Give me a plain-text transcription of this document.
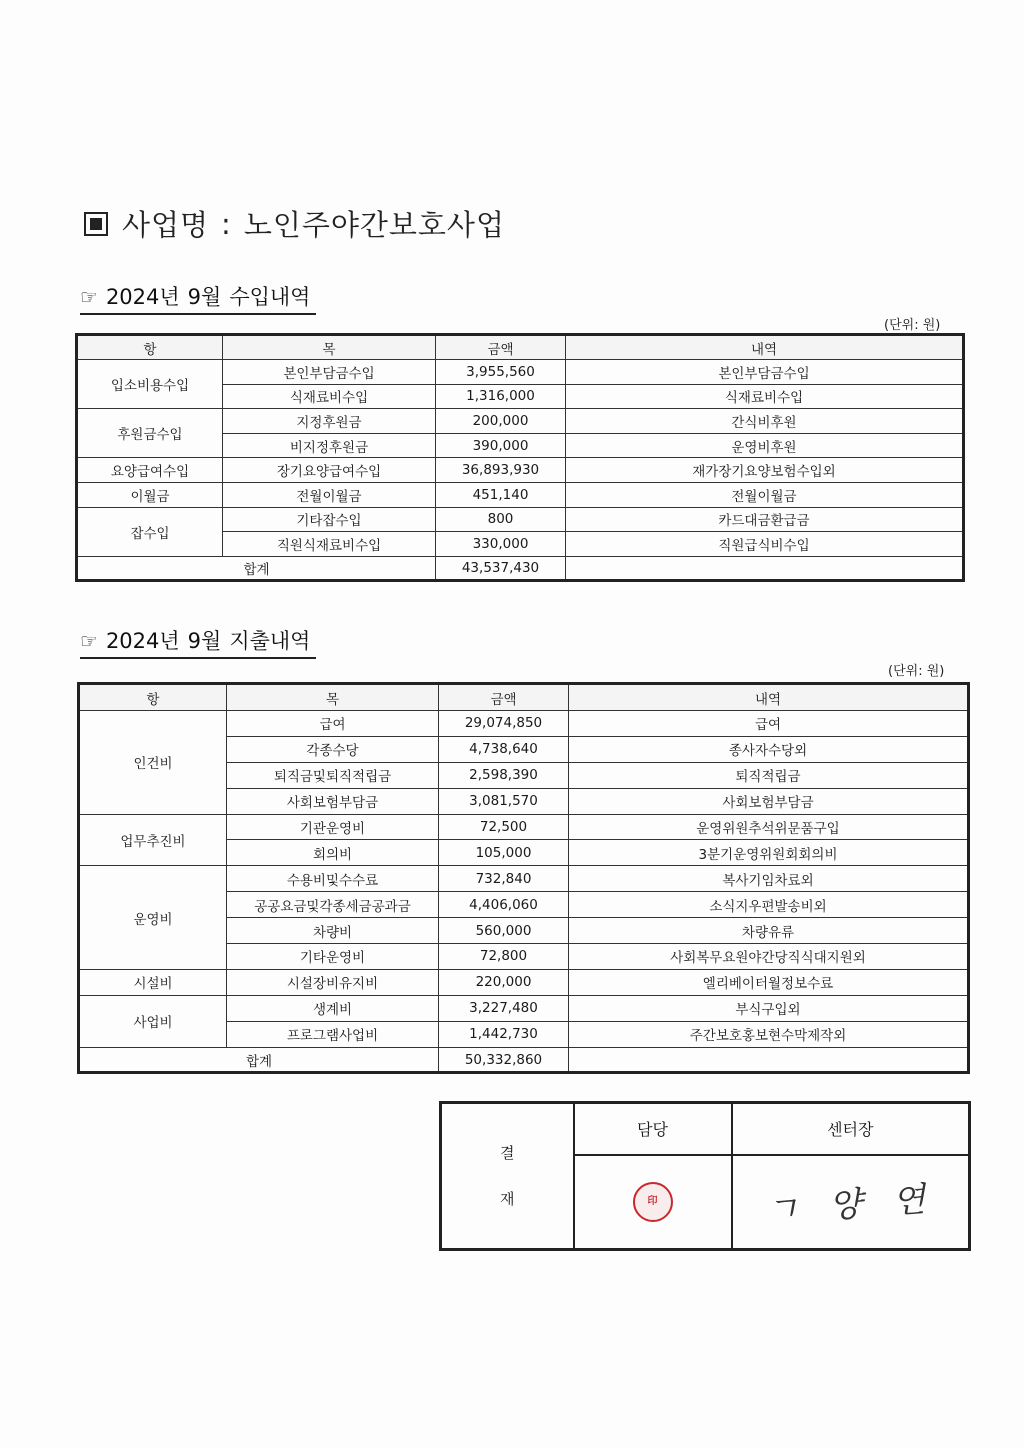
사업명 : 노인주야간보호사업
☞ 2024년 9월 수입내역
(단위: 원)
항	목	금액	내역
입소비용수입	본인부담금수입	3,955,560	본인부담금수입
	식재료비수입	1,316,000	식재료비수입
후원금수입	지정후원금	200,000	간식비후원
	비지정후원금	390,000	운영비후원
요양급여수입	장기요양급여수입	36,893,930	재가장기요양보험수입외
이월금	전월이월금	451,140	전월이월금
잡수입	기타잡수입	800	카드대금환급금
	직원식재료비수입	330,000	직원급식비수입
합계		43,537,430	
☞ 2024년 9월 지출내역
(단위: 원)
항	목	금액	내역
인건비	급여	29,074,850	급여
	각종수당	4,738,640	종사자수당외
	퇴직금및퇴직적립금	2,598,390	퇴직적립금
	사회보험부담금	3,081,570	사회보험부담금
업무추진비	기관운영비	72,500	운영위원추석위문품구입
	회의비	105,000	3분기운영위원회회의비
운영비	수용비및수수료	732,840	복사기임차료외
	공공요금및각종세금공과금	4,406,060	소식지우편발송비외
	차량비	560,000	차량유류
	기타운영비	72,800	사회복무요원야간당직식대지원외
시설비	시설장비유지비	220,000	엘리베이터월정보수료
사업비	생계비	3,227,480	부식구입외
	프로그램사업비	1,442,730	주간보호홍보현수막제작외
합계		50,332,860	
결
재	담당	센터장
	印	ㄱ 양 연
